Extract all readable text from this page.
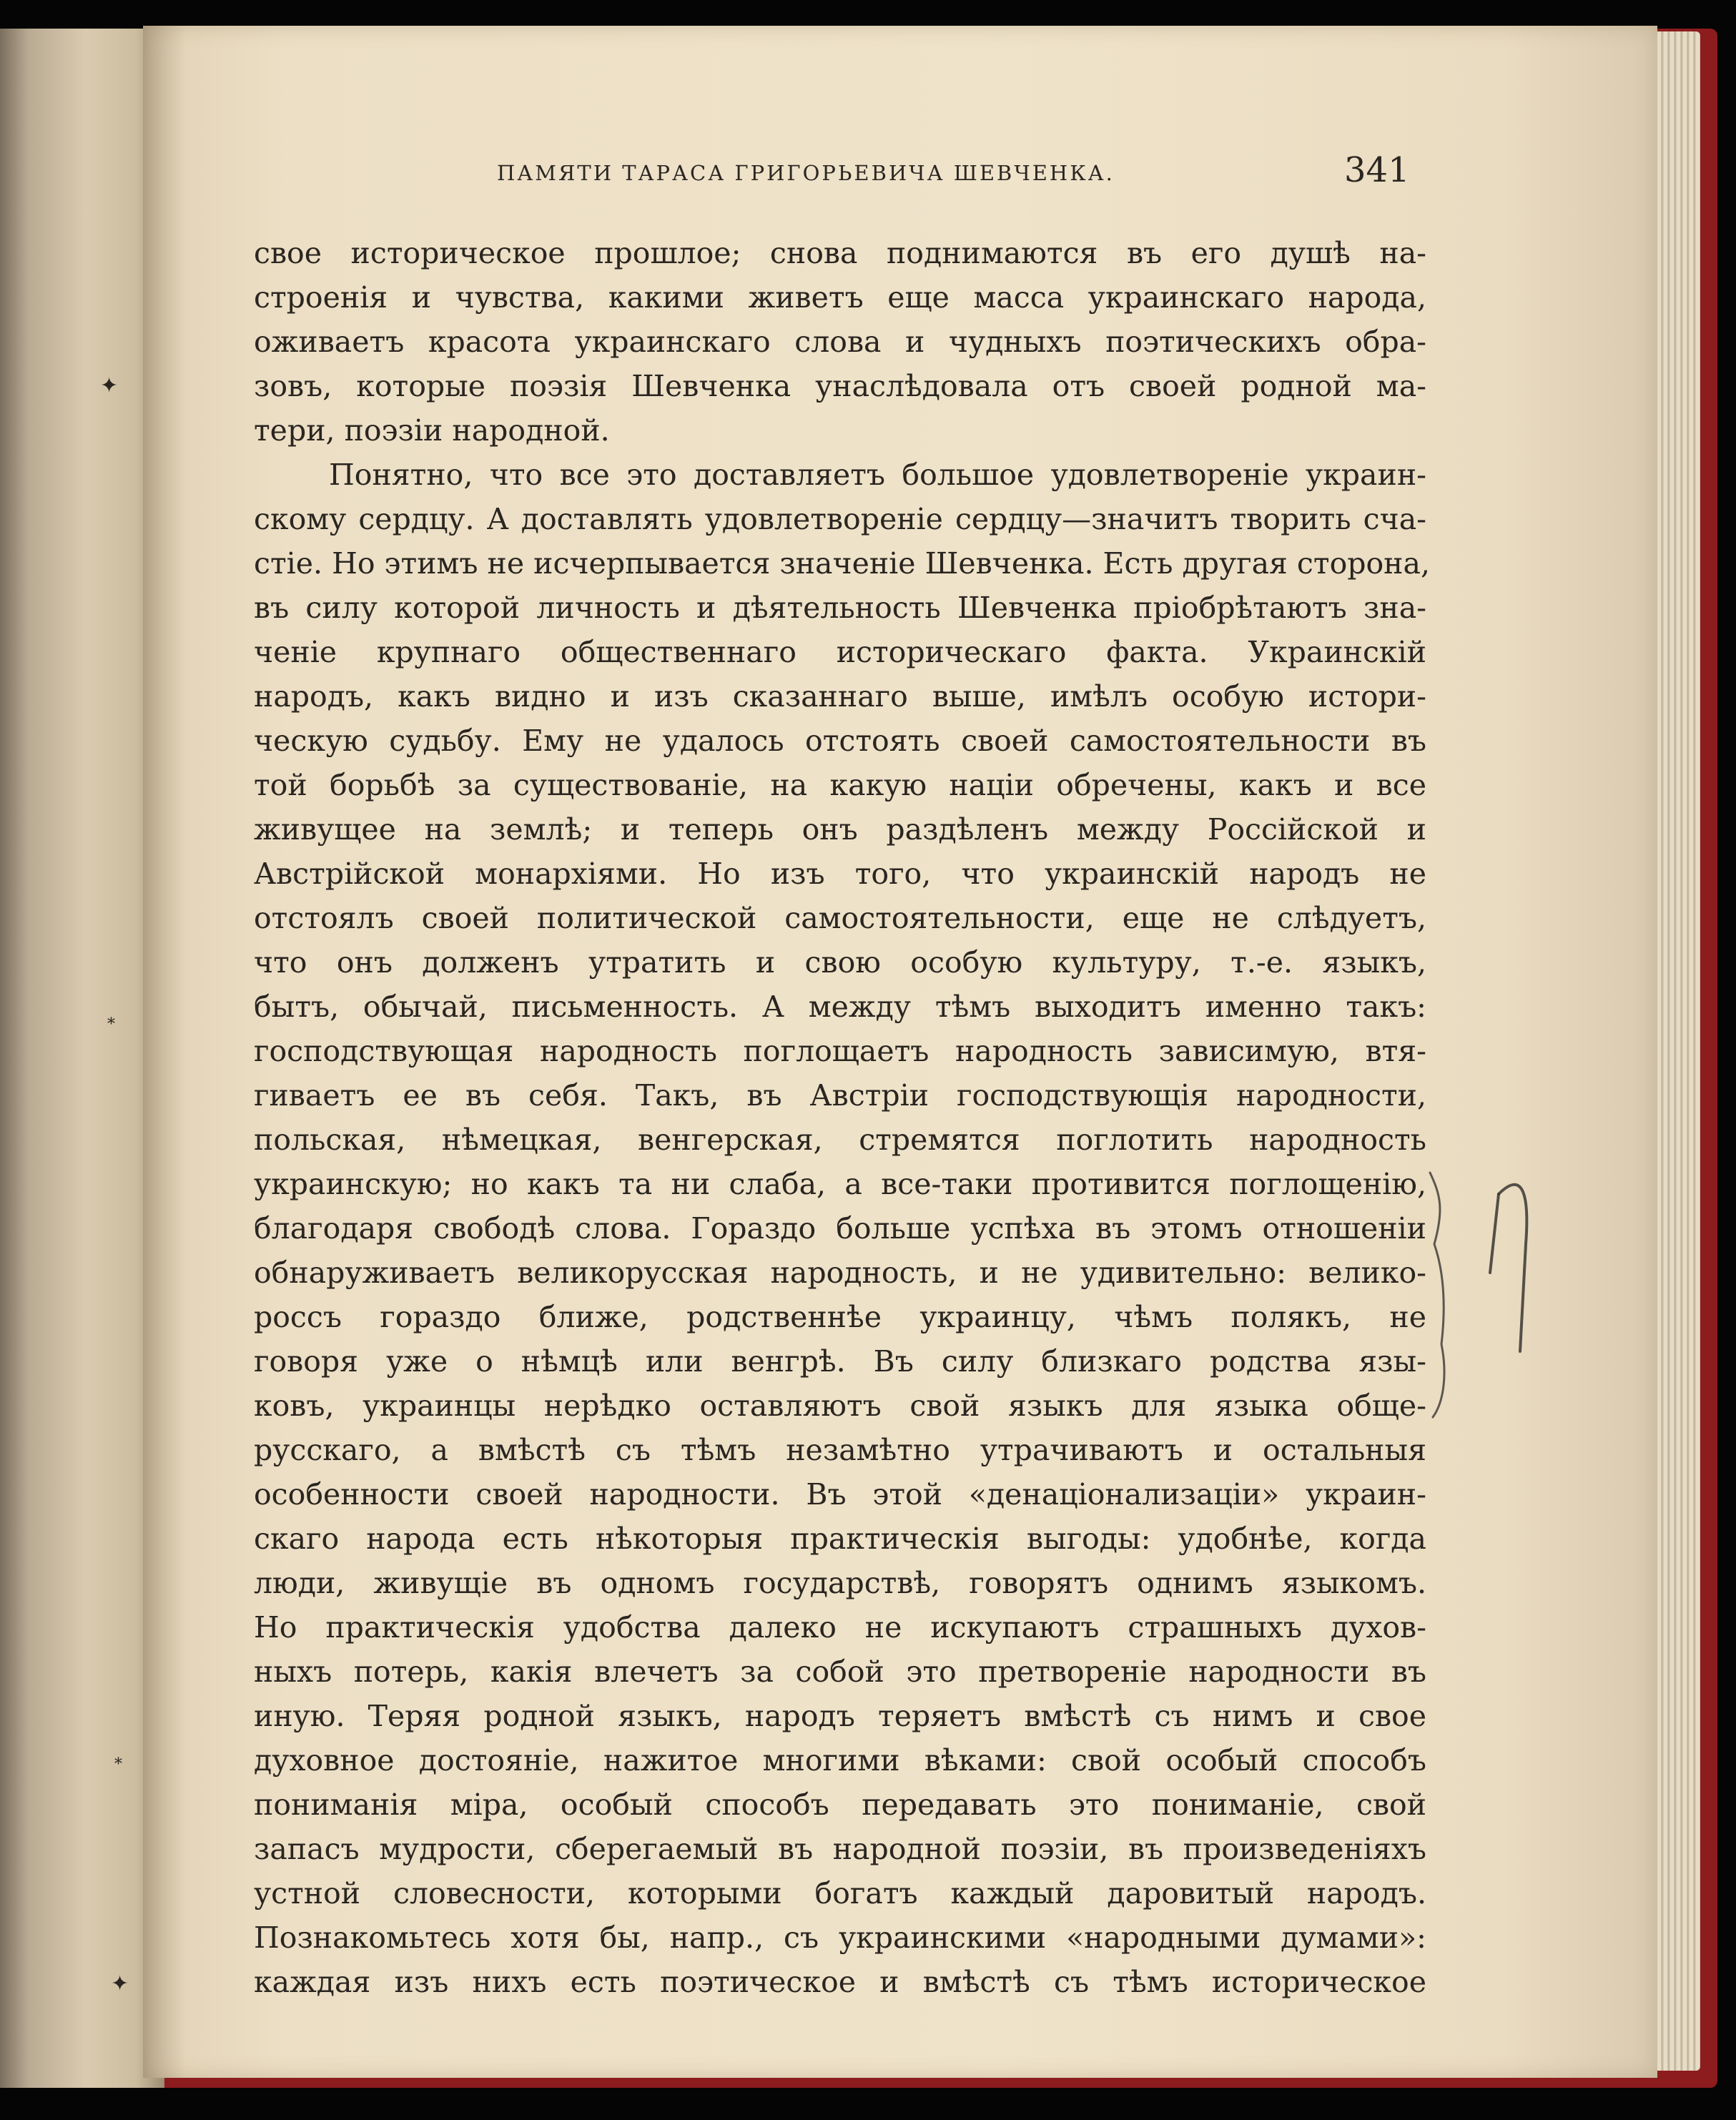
✦
⁎
⁎
✦
ПАМЯТИ ТАРАСА ГРИГОРЬЕВИЧА ШЕВЧЕНКА.	341
свое историческое прошлое; снова поднимаются въ его душѣ на-
строенія и чувства, какими живетъ еще масса украинскаго народа,
оживаетъ красота украинскаго слова и чудныхъ поэтическихъ обра-
зовъ, которые поэзія Шевченка унаслѣдовала отъ своей родной ма-
тери, поэзіи народной.
Понятно, что все это доставляетъ большое удовлетвореніе украин-
скому сердцу. А доставлять удовлетвореніе сердцу—значитъ творить сча-
стіе. Но этимъ не исчерпывается значеніе Шевченка. Есть другая сторона,
въ силу которой личность и дѣятельность Шевченка пріобрѣтаютъ зна-
ченіе крупнаго общественнаго историческаго факта. Украинскій
народъ, какъ видно и изъ сказаннаго выше, имѣлъ особую истори-
ческую судьбу. Ему не удалось отстоять своей самостоятельности въ
той борьбѣ за существованіе, на какую націи обречены, какъ и все
живущее на землѣ; и теперь онъ раздѣленъ между Россійской и
Австрійской монархіями. Но изъ того, что украинскій народъ не
отстоялъ своей политической самостоятельности, еще не слѣдуетъ,
что онъ долженъ утратить и свою особую культуру, т.-е. языкъ,
бытъ, обычай, письменность. А между тѣмъ выходитъ именно такъ:
господствующая народность поглощаетъ народность зависимую, втя-
гиваетъ ее въ себя. Такъ, въ Австріи господствующія народности,
польская, нѣмецкая, венгерская, стремятся поглотить народность
украинскую; но какъ та ни слаба, а все-таки противится поглощенію,
благодаря свободѣ слова. Гораздо больше успѣха въ этомъ отношеніи
обнаруживаетъ великорусская народность, и не удивительно: велико-
россъ гораздо ближе, родственнѣе украинцу, чѣмъ полякъ, не
говоря уже о нѣмцѣ или венгрѣ. Въ силу близкаго родства язы-
ковъ, украинцы нерѣдко оставляютъ свой языкъ для языка обще-
русскаго, а вмѣстѣ съ тѣмъ незамѣтно утрачиваютъ и остальныя
особенности своей народности. Въ этой «денаціонализаціи» украин-
скаго народа есть нѣкоторыя практическія выгоды: удобнѣе, когда
люди, живущіе въ одномъ государствѣ, говорятъ однимъ языкомъ.
Но практическія удобства далеко не искупаютъ страшныхъ духов-
ныхъ потерь, какія влечетъ за собой это претвореніе народности въ
иную. Теряя родной языкъ, народъ теряетъ вмѣстѣ съ нимъ и свое
духовное достояніе, нажитое многими вѣками: свой особый способъ
пониманія міра, особый способъ передавать это пониманіе, свой
запасъ мудрости, сберегаемый въ народной поэзіи, въ произведеніяхъ
устной словесности, которыми богатъ каждый даровитый народъ.
Познакомьтесь хотя бы, напр., съ украинскими «народными думами»:
каждая изъ нихъ есть поэтическое и вмѣстѣ съ тѣмъ историческое
